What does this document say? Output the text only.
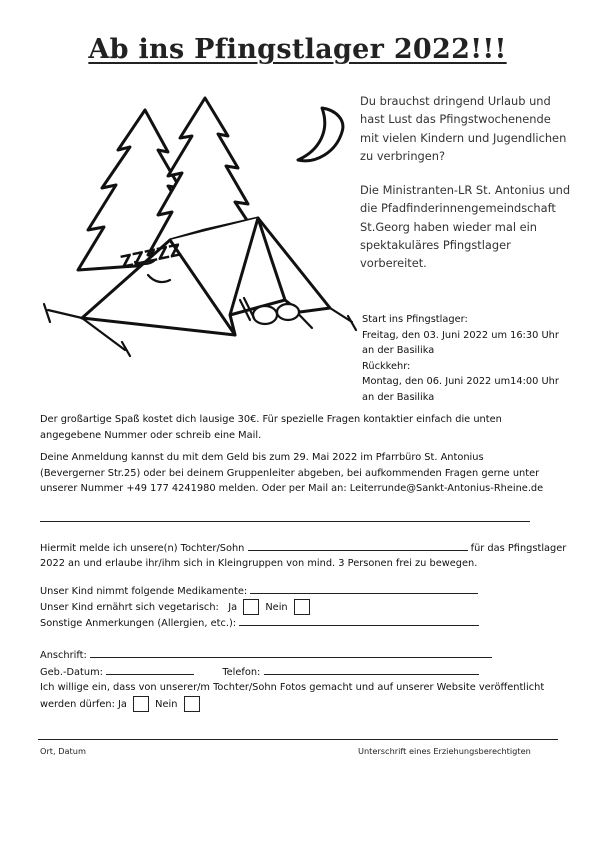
Ab ins Pfingstlager 2022!!!
ZZZZZ

Du brauchst dringend Urlaub und hast Lust das Pfingstwochenende mit vielen Kindern und Jugendlichen zu verbringen?

Die Ministranten-LR St. Antonius und die Pfadfinderinnengemeindschaft St.Georg haben wieder mal ein spektakuläres Pfingstlager vorbereitet.

Start ins Pfingstlager:
Freitag, den 03. Juni 2022 um 16:30 Uhr
an der Basilika
Rückkehr:
Montag, den 06. Juni 2022 um14:00 Uhr
an der Basilika
Der großartige Spaß kostet dich lausige 30€. Für spezielle Fragen kontaktier einfach die unten angegebene Nummer oder schreib eine Mail.
Deine Anmeldung kannst du mit dem Geld bis zum 29. Mai 2022 im Pfarrbüro St. Antonius (Bevergerner Str.25) oder bei deinem Gruppenleiter abgeben, bei aufkommenden Fragen gerne unter unserer Nummer +49 177 4241980 melden. Oder per Mail an: Leiterrunde@Sankt-Antonius-Rheine.de
Hiermit melde ich unsere(n) Tochter/Sohn	für das Pfingstlager
2022 an und erlaube ihr/ihm sich in Kleingruppen von mind. 3 Personen frei zu bewegen.
Unser Kind nimmt folgende Medikamente:
Unser Kind ernährt sich vegetarisch: Ja	Nein
Sonstige Anmerkungen (Allergien, etc.):
Anschrift:
Geb.-Datum:	Telefon:
Ich willige ein, dass von unserer/m Tochter/Sohn Fotos gemacht und auf unserer Website veröffentlicht
werden dürfen: Ja	Nein
Ort, Datum	Unterschrift eines Erziehungsberechtigten
